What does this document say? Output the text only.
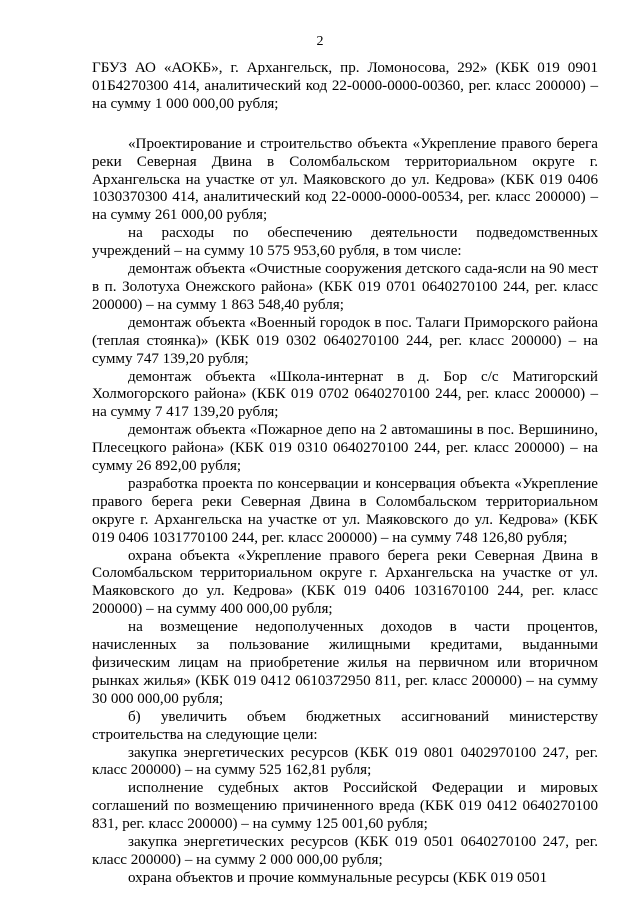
2

ГБУЗ АО «АОКБ», г. Архангельск, пр. Ломоносова, 292» (КБК 019 0901 01Б4270300 414, аналитический код 22-0000-0000-00360, рег. класс 200000) – на сумму 1 000 000,00 рубля;

«Проектирование и строительство объекта «Укрепление правого берега реки Северная Двина в Соломбальском территориальном округе г. Архангельска на участке от ул. Маяковского до ул. Кедрова» (КБК 019 0406 1030370300 414, аналитический код 22-0000-0000-00534, рег. класс 200000) – на сумму 261 000,00 рубля;

на расходы по обеспечению деятельности подведомственных учреждений – на сумму 10 575 953,60 рубля, в том числе:

демонтаж объекта «Очистные сооружения детского сада-ясли на 90 мест в п. Золотуха Онежского района» (КБК 019 0701 0640270100 244, рег. класс 200000) – на сумму 1 863 548,40 рубля;

демонтаж объекта «Военный городок в пос. Талаги Приморского района (теплая стоянка)» (КБК 019 0302 0640270100 244, рег. класс 200000) – на сумму 747 139,20 рубля;

демонтаж объекта «Школа-интернат в д. Бор с/с Матигорский Холмогорского района» (КБК 019 0702 0640270100 244, рег. класс 200000) – на сумму 7 417 139,20 рубля;

демонтаж объекта «Пожарное депо на 2 автомашины в пос. Вершинино, Плесецкого района» (КБК 019 0310 0640270100 244, рег. класс 200000) – на сумму 26 892,00 рубля;

разработка проекта по консервации и консервация объекта «Укрепление правого берега реки Северная Двина в Соломбальском территориальном округе г. Архангельска на участке от ул. Маяковского до ул. Кедрова» (КБК 019 0406 1031770100 244, рег. класс 200000) – на сумму 748 126,80 рубля;

охрана объекта «Укрепление правого берега реки Северная Двина в Соломбальском территориальном округе г. Архангельска на участке от ул. Маяковского до ул. Кедрова» (КБК 019 0406 1031670100 244, рег. класс 200000) – на сумму 400 000,00 рубля;

на возмещение недополученных доходов в части процентов, начисленных за пользование жилищными кредитами, выданными физическим лицам на приобретение жилья на первичном или вторичном рынках жилья» (КБК 019 0412 0610372950 811, рег. класс 200000) – на сумму 30 000 000,00 рубля;

б) увеличить объем бюджетных ассигнований министерству строительства на следующие цели:

закупка энергетических ресурсов (КБК 019 0801 0402970100 247, рег. класс 200000) – на сумму 525 162,81 рубля;

исполнение судебных актов Российской Федерации и мировых соглашений по возмещению причиненного вреда (КБК 019 0412 0640270100 831, рег. класс 200000) – на сумму 125 001,60 рубля;

закупка энергетических ресурсов (КБК 019 0501 0640270100 247, рег. класс 200000) – на сумму 2 000 000,00 рубля;

охрана объектов и прочие коммунальные ресурсы (КБК 019 0501
